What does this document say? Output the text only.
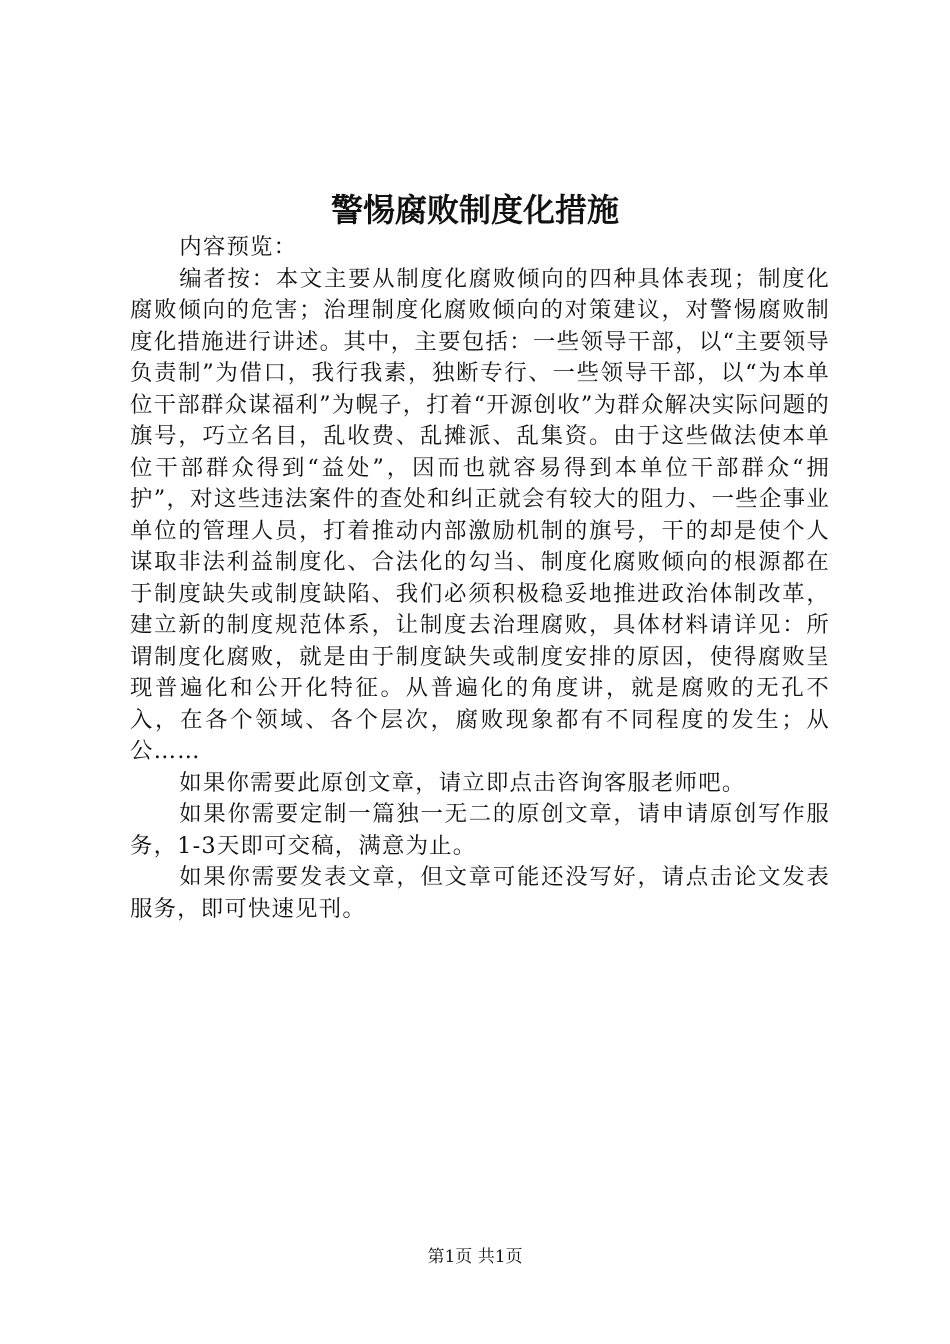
警惕腐败制度化措施

内容预览：

编者按：本文主要从制度化腐败倾向的四种具体表现；制度化腐败倾向的危害；治理制度化腐败倾向的对策建议，对警惕腐败制度化措施进行讲述。其中，主要包括：一些领导干部，以“主要领导负责制”为借口，我行我素，独断专行、一些领导干部，以“为本单位干部群众谋福利”为幌子，打着“开源创收”为群众解决实际问题的旗号，巧立名目，乱收费、乱摊派、乱集资。由于这些做法使本单位干部群众得到“益处”，因而也就容易得到本单位干部群众“拥护”，对这些违法案件的查处和纠正就会有较大的阻力、一些企事业单位的管理人员，打着推动内部激励机制的旗号，干的却是使个人谋取非法利益制度化、合法化的勾当、制度化腐败倾向的根源都在于制度缺失或制度缺陷、我们必须积极稳妥地推进政治体制改革，建立新的制度规范体系，让制度去治理腐败，具体材料请详见：所谓制度化腐败，就是由于制度缺失或制度安排的原因，使得腐败呈现普遍化和公开化特征。从普遍化的角度讲，就是腐败的无孔不入，在各个领域、各个层次，腐败现象都有不同程度的发生；从公……

如果你需要此原创文章，请立即点击咨询客服老师吧。

如果你需要定制一篇独一无二的原创文章，请申请原创写作服务，1-3天即可交稿，满意为止。

如果你需要发表文章，但文章可能还没写好，请点击论文发表服务，即可快速见刊。

第1页 共1页
